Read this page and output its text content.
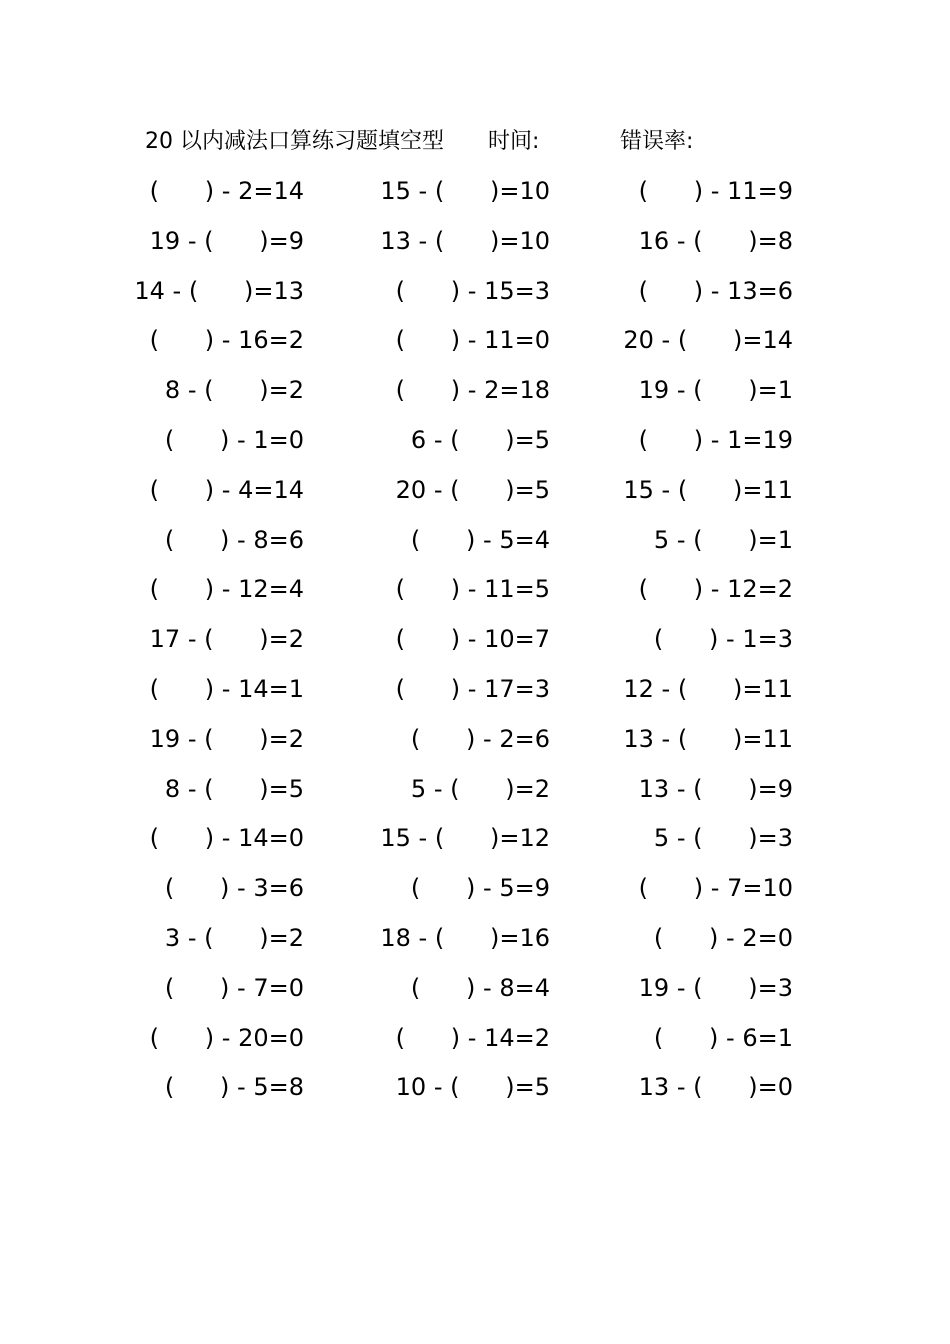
20 以内减法口算练习题填空型 时间:	错误率:
(      ) - 2=14	15 - (      )=10	(      ) - 11=9
19 - (      )=9	13 - (      )=10	16 - (      )=8
14 - (      )=13	(      ) - 15=3	(      ) - 13=6
(      ) - 16=2	(      ) - 11=0	20 - (      )=14
8 - (      )=2	(      ) - 2=18	19 - (      )=1
(      ) - 1=0	6 - (      )=5	(      ) - 1=19
(      ) - 4=14	20 - (      )=5	15 - (      )=11
(      ) - 8=6	(      ) - 5=4	5 - (      )=1
(      ) - 12=4	(      ) - 11=5	(      ) - 12=2
17 - (      )=2	(      ) - 10=7	(      ) - 1=3
(      ) - 14=1	(      ) - 17=3	12 - (      )=11
19 - (      )=2	(      ) - 2=6	13 - (      )=11
8 - (      )=5	5 - (      )=2	13 - (      )=9
(      ) - 14=0	15 - (      )=12	5 - (      )=3
(      ) - 3=6	(      ) - 5=9	(      ) - 7=10
3 - (      )=2	18 - (      )=16	(      ) - 2=0
(      ) - 7=0	(      ) - 8=4	19 - (      )=3
(      ) - 20=0	(      ) - 14=2	(      ) - 6=1
(      ) - 5=8	10 - (      )=5	13 - (      )=0
